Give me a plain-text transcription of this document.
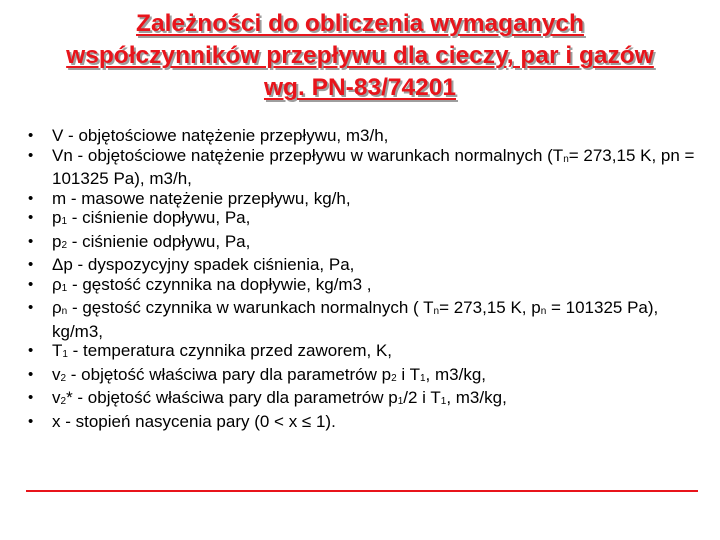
Zależności do obliczenia wymaganych
współczynników przepływu dla cieczy, par i gazów
wg. PN-83/74201
• V - objętościowe natężenie przepływu, m3/h,
• Vn - objętościowe natężenie przepływu w warunkach normalnych (Tn= 273,15 K, pn = 101325 Pa), m3/h,
• m - masowe natężenie przepływu, kg/h,
• p1 - ciśnienie dopływu, Pa,
• p2 - ciśnienie odpływu, Pa,
• Δp - dyspozycyjny spadek ciśnienia, Pa,
• ρ1 - gęstość czynnika na dopływie, kg/m3 ,
• ρn - gęstość czynnika w warunkach normalnych ( Tn= 273,15 K, pn = 101325 Pa), kg/m3,
• T1 - temperatura czynnika przed zaworem, K,
• v2 - objętość właściwa pary dla parametrów p2 i T1, m3/kg,
• v2* - objętość właściwa pary dla parametrów p1/2 i T1, m3/kg,
• x - stopień nasycenia pary (0 < x ≤ 1).
